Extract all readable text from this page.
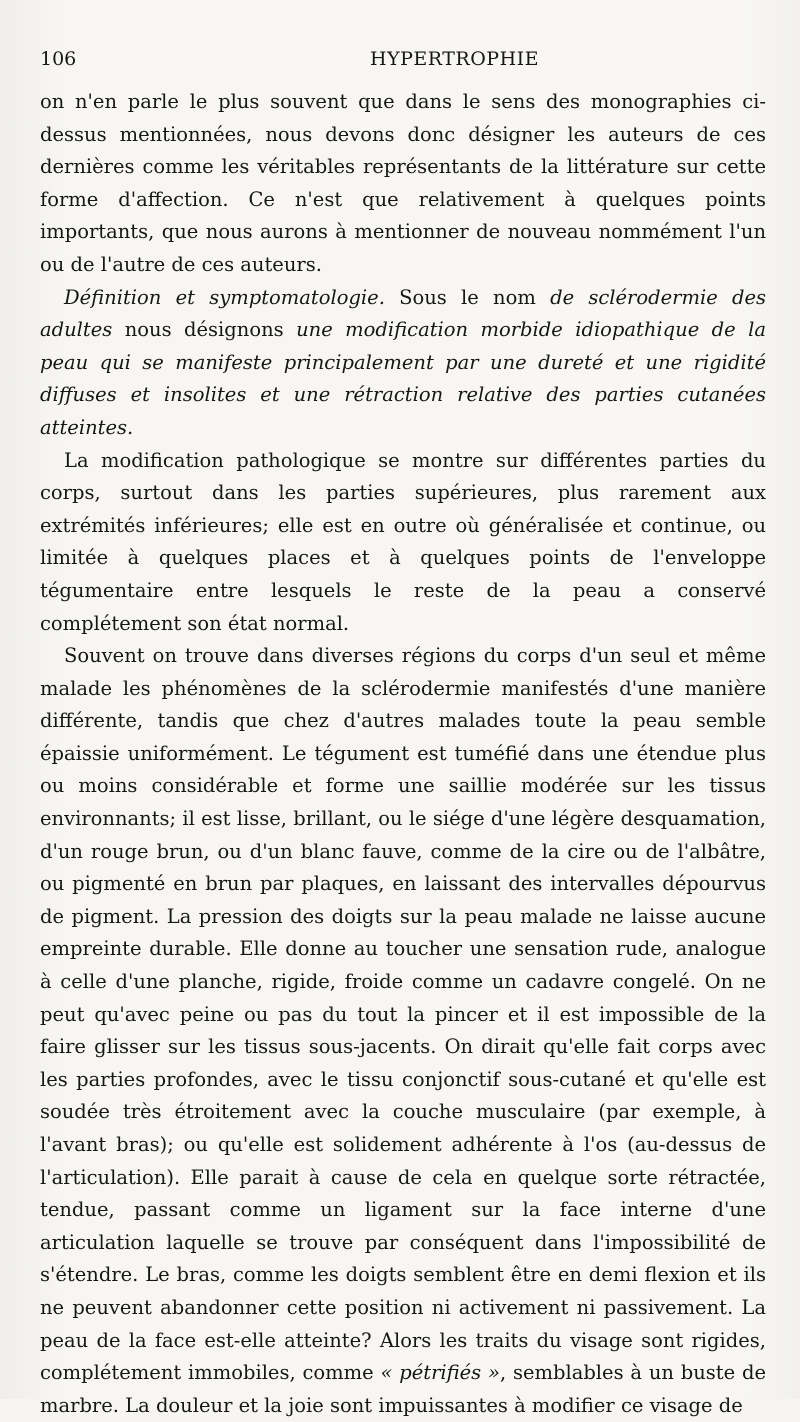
106	HYPERTROPHIE

on n'en parle le plus souvent que dans le sens des monographies ci-dessus mentionnées, nous devons donc désigner les auteurs de ces dernières comme les véritables représentants de la littérature sur cette forme d'affection. Ce n'est que relativement à quelques points importants, que nous aurons à mentionner de nouveau nommément l'un ou de l'autre de ces auteurs.

Définition et symptomatologie. Sous le nom de sclérodermie des adultes nous désignons une modification morbide idiopathique de la peau qui se manifeste principalement par une dureté et une rigidité diffuses et insolites et une rétraction relative des parties cutanées atteintes.

La modification pathologique se montre sur différentes parties du corps, surtout dans les parties supérieures, plus rarement aux extrémités inférieures; elle est en outre où généralisée et continue, ou limitée à quelques places et à quelques points de l'enveloppe tégumentaire entre lesquels le reste de la peau a conservé complétement son état normal.

Souvent on trouve dans diverses régions du corps d'un seul et même malade les phénomènes de la sclérodermie manifestés d'une manière différente, tandis que chez d'autres malades toute la peau semble épaissie uniformément. Le tégument est tuméfié dans une étendue plus ou moins considérable et forme une saillie modérée sur les tissus environnants; il est lisse, brillant, ou le siége d'une légère desquamation, d'un rouge brun, ou d'un blanc fauve, comme de la cire ou de l'albâtre, ou pigmenté en brun par plaques, en laissant des intervalles dépourvus de pigment. La pression des doigts sur la peau malade ne laisse aucune empreinte durable. Elle donne au toucher une sensation rude, analogue à celle d'une planche, rigide, froide comme un cadavre congelé. On ne peut qu'avec peine ou pas du tout la pincer et il est impossible de la faire glisser sur les tissus sous-jacents. On dirait qu'elle fait corps avec les parties profondes, avec le tissu conjonctif sous-cutané et qu'elle est soudée très étroitement avec la couche musculaire (par exemple, à l'avant bras); ou qu'elle est solidement adhérente à l'os (au-dessus de l'articulation). Elle parait à cause de cela en quelque sorte rétractée, tendue, passant comme un ligament sur la face interne d'une articulation laquelle se trouve par conséquent dans l'impossibilité de s'étendre. Le bras, comme les doigts semblent être en demi flexion et ils ne peuvent abandonner cette position ni activement ni passivement. La peau de la face est-elle atteinte? Alors les traits du visage sont rigides, complétement immobiles, comme « pétrifiés », semblables à un buste de marbre. La douleur et la joie sont impuissantes à modifier ce visage de
